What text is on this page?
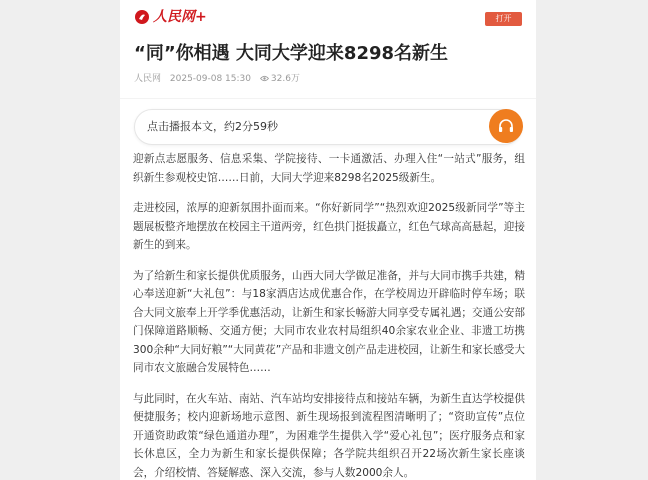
人民网+	打开
“同”你相遇 大同大学迎来8298名新生
人民网 2025-09-08 15:30 32.6万
点击播报本文，约2分59秒

迎新点志愿服务、信息采集、学院接待、一卡通激活、办理入住“一站式”服务，组织新生参观校史馆……日前，大同大学迎来8298名2025级新生。

走进校园，浓厚的迎新氛围扑面而来。“你好新同学”“热烈欢迎2025级新同学”等主题展板整齐地摆放在校园主干道两旁，红色拱门挺拔矗立，红色气球高高悬起，迎接新生的到来。

为了给新生和家长提供优质服务，山西大同大学做足准备，并与大同市携手共建，精心奉送迎新“大礼包”：与18家酒店达成优惠合作，在学校周边开辟临时停车场；联合大同文旅奉上开学季优惠活动，让新生和家长畅游大同享受专属礼遇；交通公安部门保障道路顺畅、交通方便；大同市农业农村局组织40余家农业企业、非遗工坊携300余种“大同好粮”“大同黄花”产品和非遗文创产品走进校园，让新生和家长感受大同市农文旅融合发展特色……

与此同时，在火车站、南站、汽车站均安排接待点和接站车辆，为新生直达学校提供便捷服务；校内迎新场地示意图、新生现场报到流程图清晰明了；“资助宣传”点位开通资助政策“绿色通道办理”，为困难学生提供入学“爱心礼包”；医疗服务点和家长休息区，全力为新生和家长提供保障；各学院共组织召开22场次新生家长座谈会，介绍校情、答疑解惑、深入交流，参与人数2000余人。
